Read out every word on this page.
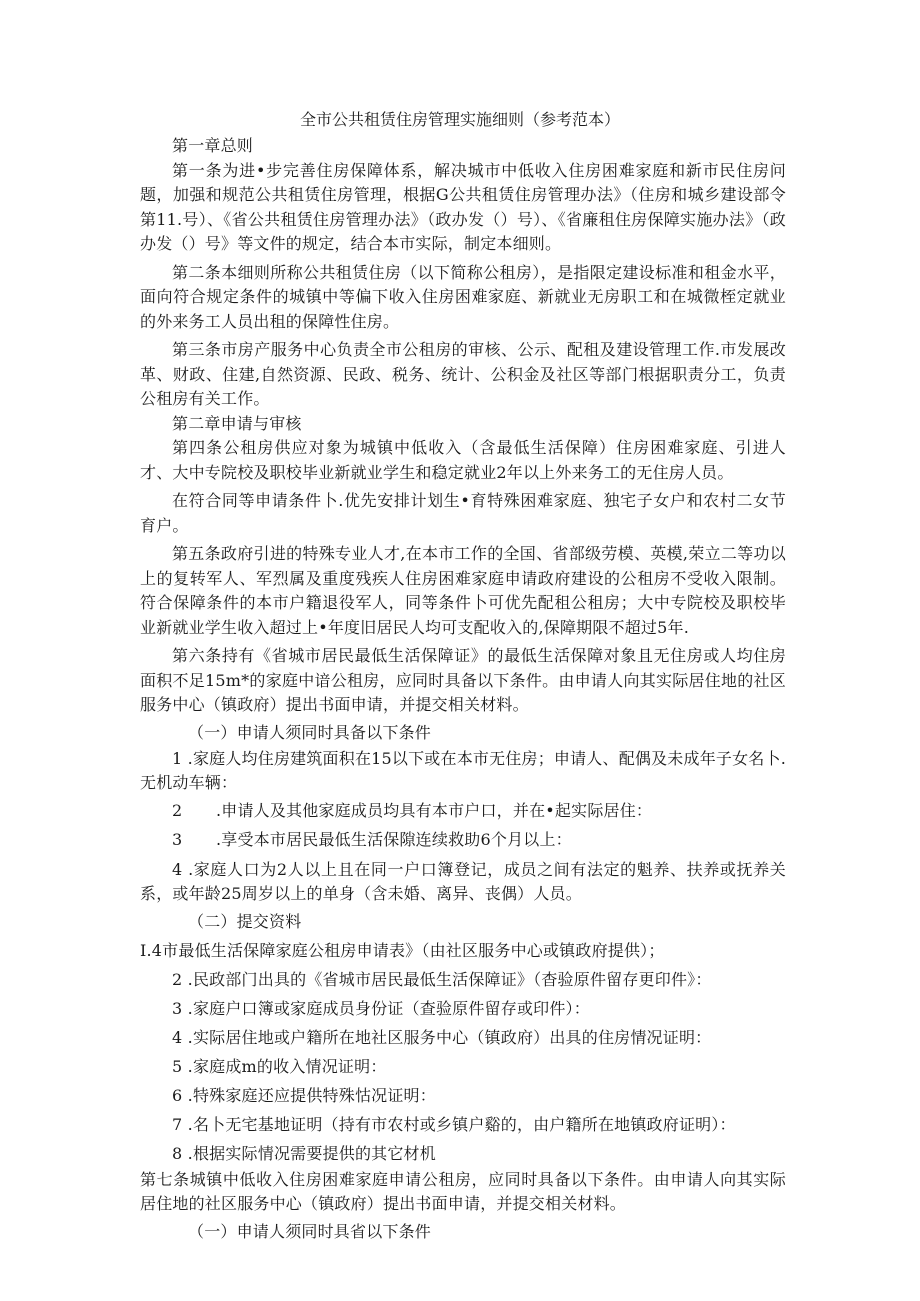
全市公共租赁住房管理实施细则（参考范本）

第一章总则

第一条为进•步完善住房保障体系，解决城市中低收入住房困难家庭和新市民住房问题，加强和规范公共租赁住房管理，根据G公共租赁住房管理办法》（住房和城乡建设部令第11.号）、《省公共租赁住房管理办法》（政办发（）号）、《省廉租住房保障实施办法》（政办发（）号》等文件的规定，结合本市实际，制定本细则。

第二条本细则所称公共租赁住房（以下简称公租房），是指限定建设标准和租金水平，面向符合规定条件的城镇中等偏下收入住房困难家庭、新就业无房职工和在城微桎定就业的外来务工人员出租的保障性住房。

第三条市房产服务中心负责全市公租房的审核、公示、配租及建设管理工作.市发展改革、财政、住建,自然资源、民政、税务、统计、公积金及社区等部门根据职责分工，负责公租房有关工作。

第二章申请与审核

第四条公租房供应对象为城镇中低收入（含最低生活保障）住房困难家庭、引进人才、大中专院校及职校毕业新就业学生和稳定就业2年以上外来务工的无住房人员。

在符合同等申请条件卜.优先安排计划生•育特殊困难家庭、独宅子女户和农村二女节育户。

第五条政府引进的特殊专业人才,在本市工作的全国、省部级劳模、英模,荣立二等功以上的复转军人、军烈属及重度残疾人住房困难家庭申请政府建设的公租房不受收入限制。符合保障条件的本市户籍退役军人，同等条件卜可优先配租公租房；大中专院校及职校毕业新就业学生收入超过上•年度旧居民人均可支配收入的,保障期限不超过5年.

第六条持有《省城市居民最低生活保障证》的最低生活保障对象且无住房或人均住房面积不足15m*的家庭中谙公租房，应同时具备以下条件。由申请人向其实际居住地的社区服务中心（镇政府）提出书面申请，并提交相关材料。

（一）申请人须同时具备以下条件

1 .家庭人均住房建筑面积在15以下或在本市无住房；申请人、配偶及未成年子女名卜.无机动车辆：

2 .申请人及其他家庭成员均具有本市户口，并在•起实际居住：

3 .享受本市居民最低生活保隙连续救助6个月以上：

4 .家庭人口为2人以上且在同一户口簿登记，成员之间有法定的魁养、扶养或抚养关系，或年龄25周岁以上的单身（含未婚、离异、丧偶）人员。

（二）提交资料

I.4市最低生活保障家庭公租房申请表》（由社区服务中心或镇政府提供）；

2 .民政部门出具的《省城市居民最低生活保障证》（杳验原件留存更印件》：

3 .家庭户口簿或家庭成员身份证（查验原件留存或印件）：

4 .实际居住地或户籍所在地社区服务中心（镇政府）出具的住房情况证明：

5 .家庭成m的收入情况证明：

6 .特殊家庭还应提供特殊怙况证明：

7 .名卜无宅基地证明（持有市农村或乡镇户谿的，由户籍所在地镇政府证明）：

8 .根据实际情况需要提供的其它材机

第七条城镇中低收入住房困难家庭申请公租房，应同时具备以下条件。由申请人向其实际居住地的社区服务中心（镇政府）提出书面申请，并提交相关材料。

（一）申请人须同时具省以下条件
